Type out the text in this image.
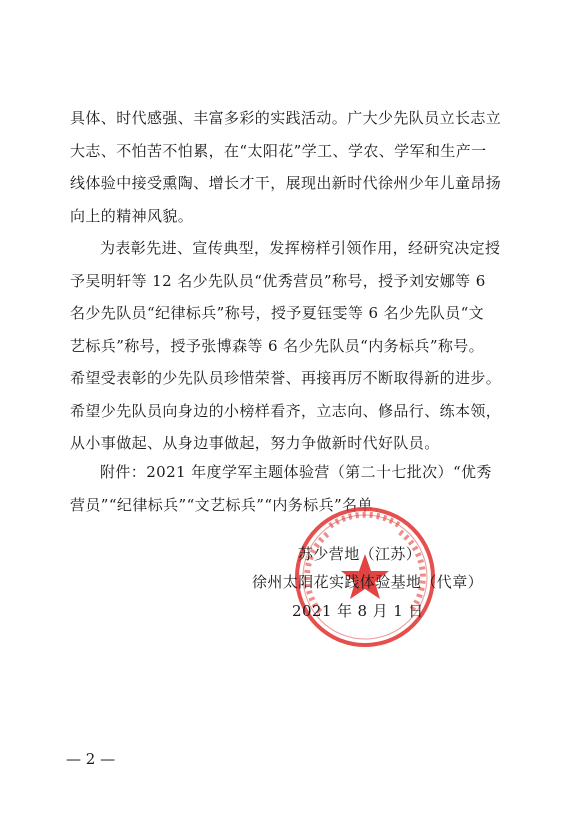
具体、时代感强、丰富多彩的实践活动。广大少先队员立长志立
大志、不怕苦不怕累，在“太阳花”学工、学农、学军和生产一
线体验中接受熏陶、增长才干，展现出新时代徐州少年儿童昂扬
向上的精神风貌。

为表彰先进、宣传典型，发挥榜样引领作用，经研究决定授
予吴明轩等 12 名少先队员“优秀营员”称号，授予刘安娜等 6
名少先队员“纪律标兵”称号，授予夏钰雯等 6 名少先队员“文
艺标兵”称号，授予张博森等 6 名少先队员“内务标兵”称号。
希望受表彰的少先队员珍惜荣誉、再接再厉不断取得新的进步。
希望少先队员向身边的小榜样看齐，立志向、修品行、练本领，
从小事做起、从身边事做起，努力争做新时代好队员。

附件：2021 年度学军主题体验营（第二十七批次）“优秀
营员”“纪律标兵”“文艺标兵”“内务标兵”名单

苏少营地（江苏）
徐州太阳花实践体验基地（代章）
2021 年 8 月 1 日
— 2 —
